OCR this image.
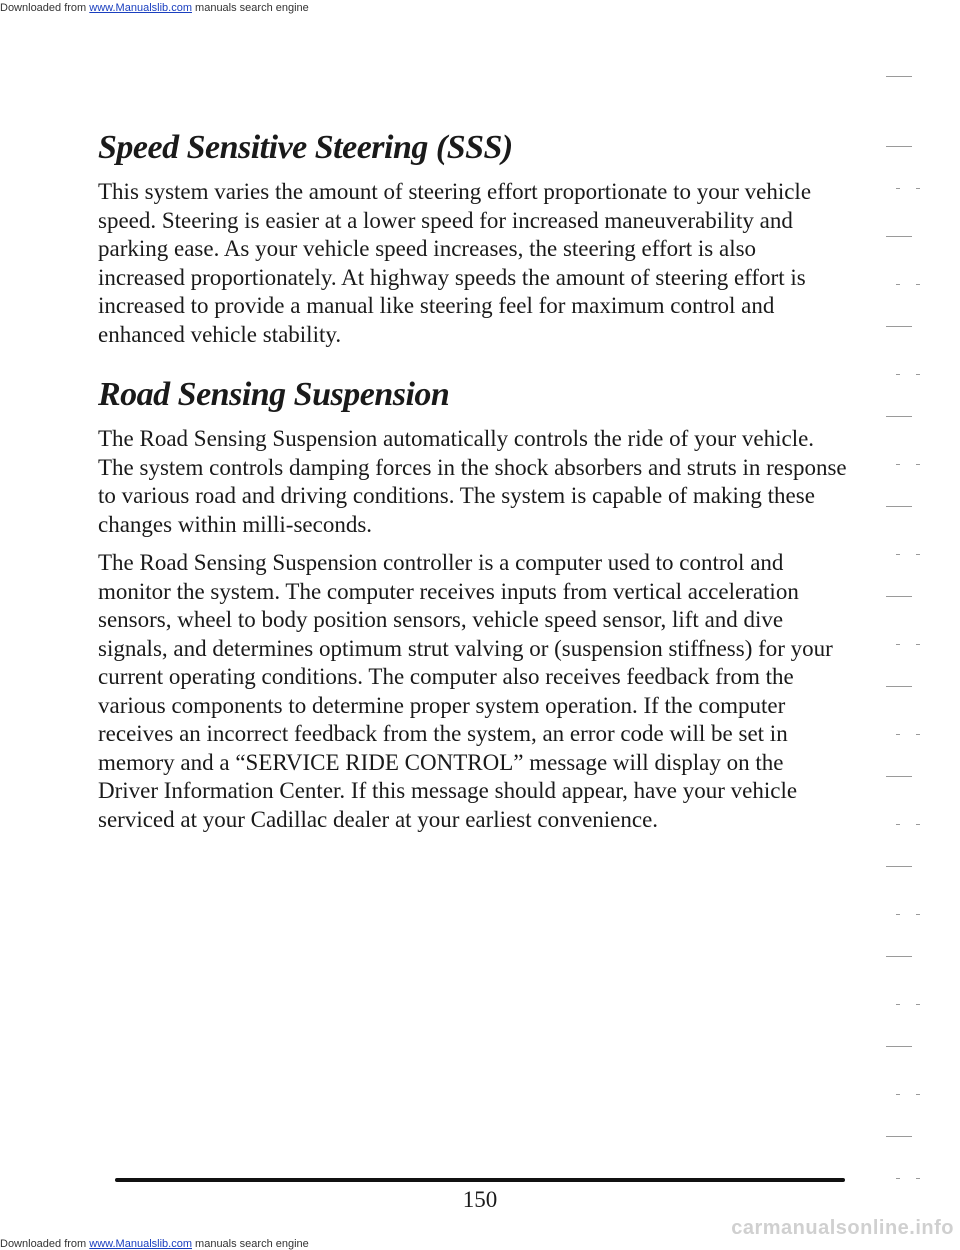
Downloaded from www.Manualslib.com manuals search engine
Speed Sensitive Steering (SSS)

This system varies the amount of steering effort proportionate to your vehicle speed. Steering is easier at a lower speed for increased maneuverability and parking ease. As your vehicle speed increases, the steering effort is also increased proportionately. At highway speeds the amount of steering effort is increased to provide a manual like steering feel for maximum control and enhanced vehicle stability.

Road Sensing Suspension

The Road Sensing Suspension automatically controls the ride of your vehicle. The system controls damping forces in the shock absorbers and struts in response to various road and driving conditions. The system is capable of making these changes within milli-seconds.

The Road Sensing Suspension controller is a computer used to control and monitor the system. The computer receives inputs from vertical acceleration sensors, wheel to body position sensors, vehicle speed sensor, lift and dive signals, and determines optimum strut valving or (suspension stiffness) for your current operating conditions. The computer also receives feedback from the various components to determine proper system operation. If the computer receives an incorrect feedback from the system, an error code will be set in memory and a “SERVICE RIDE CONTROL” message will display on the Driver Information Center. If this message should appear, have your vehicle serviced at your Cadillac dealer at your earliest convenience.

150
Downloaded from www.Manualslib.com manuals search engine
carmanualsonline.info
